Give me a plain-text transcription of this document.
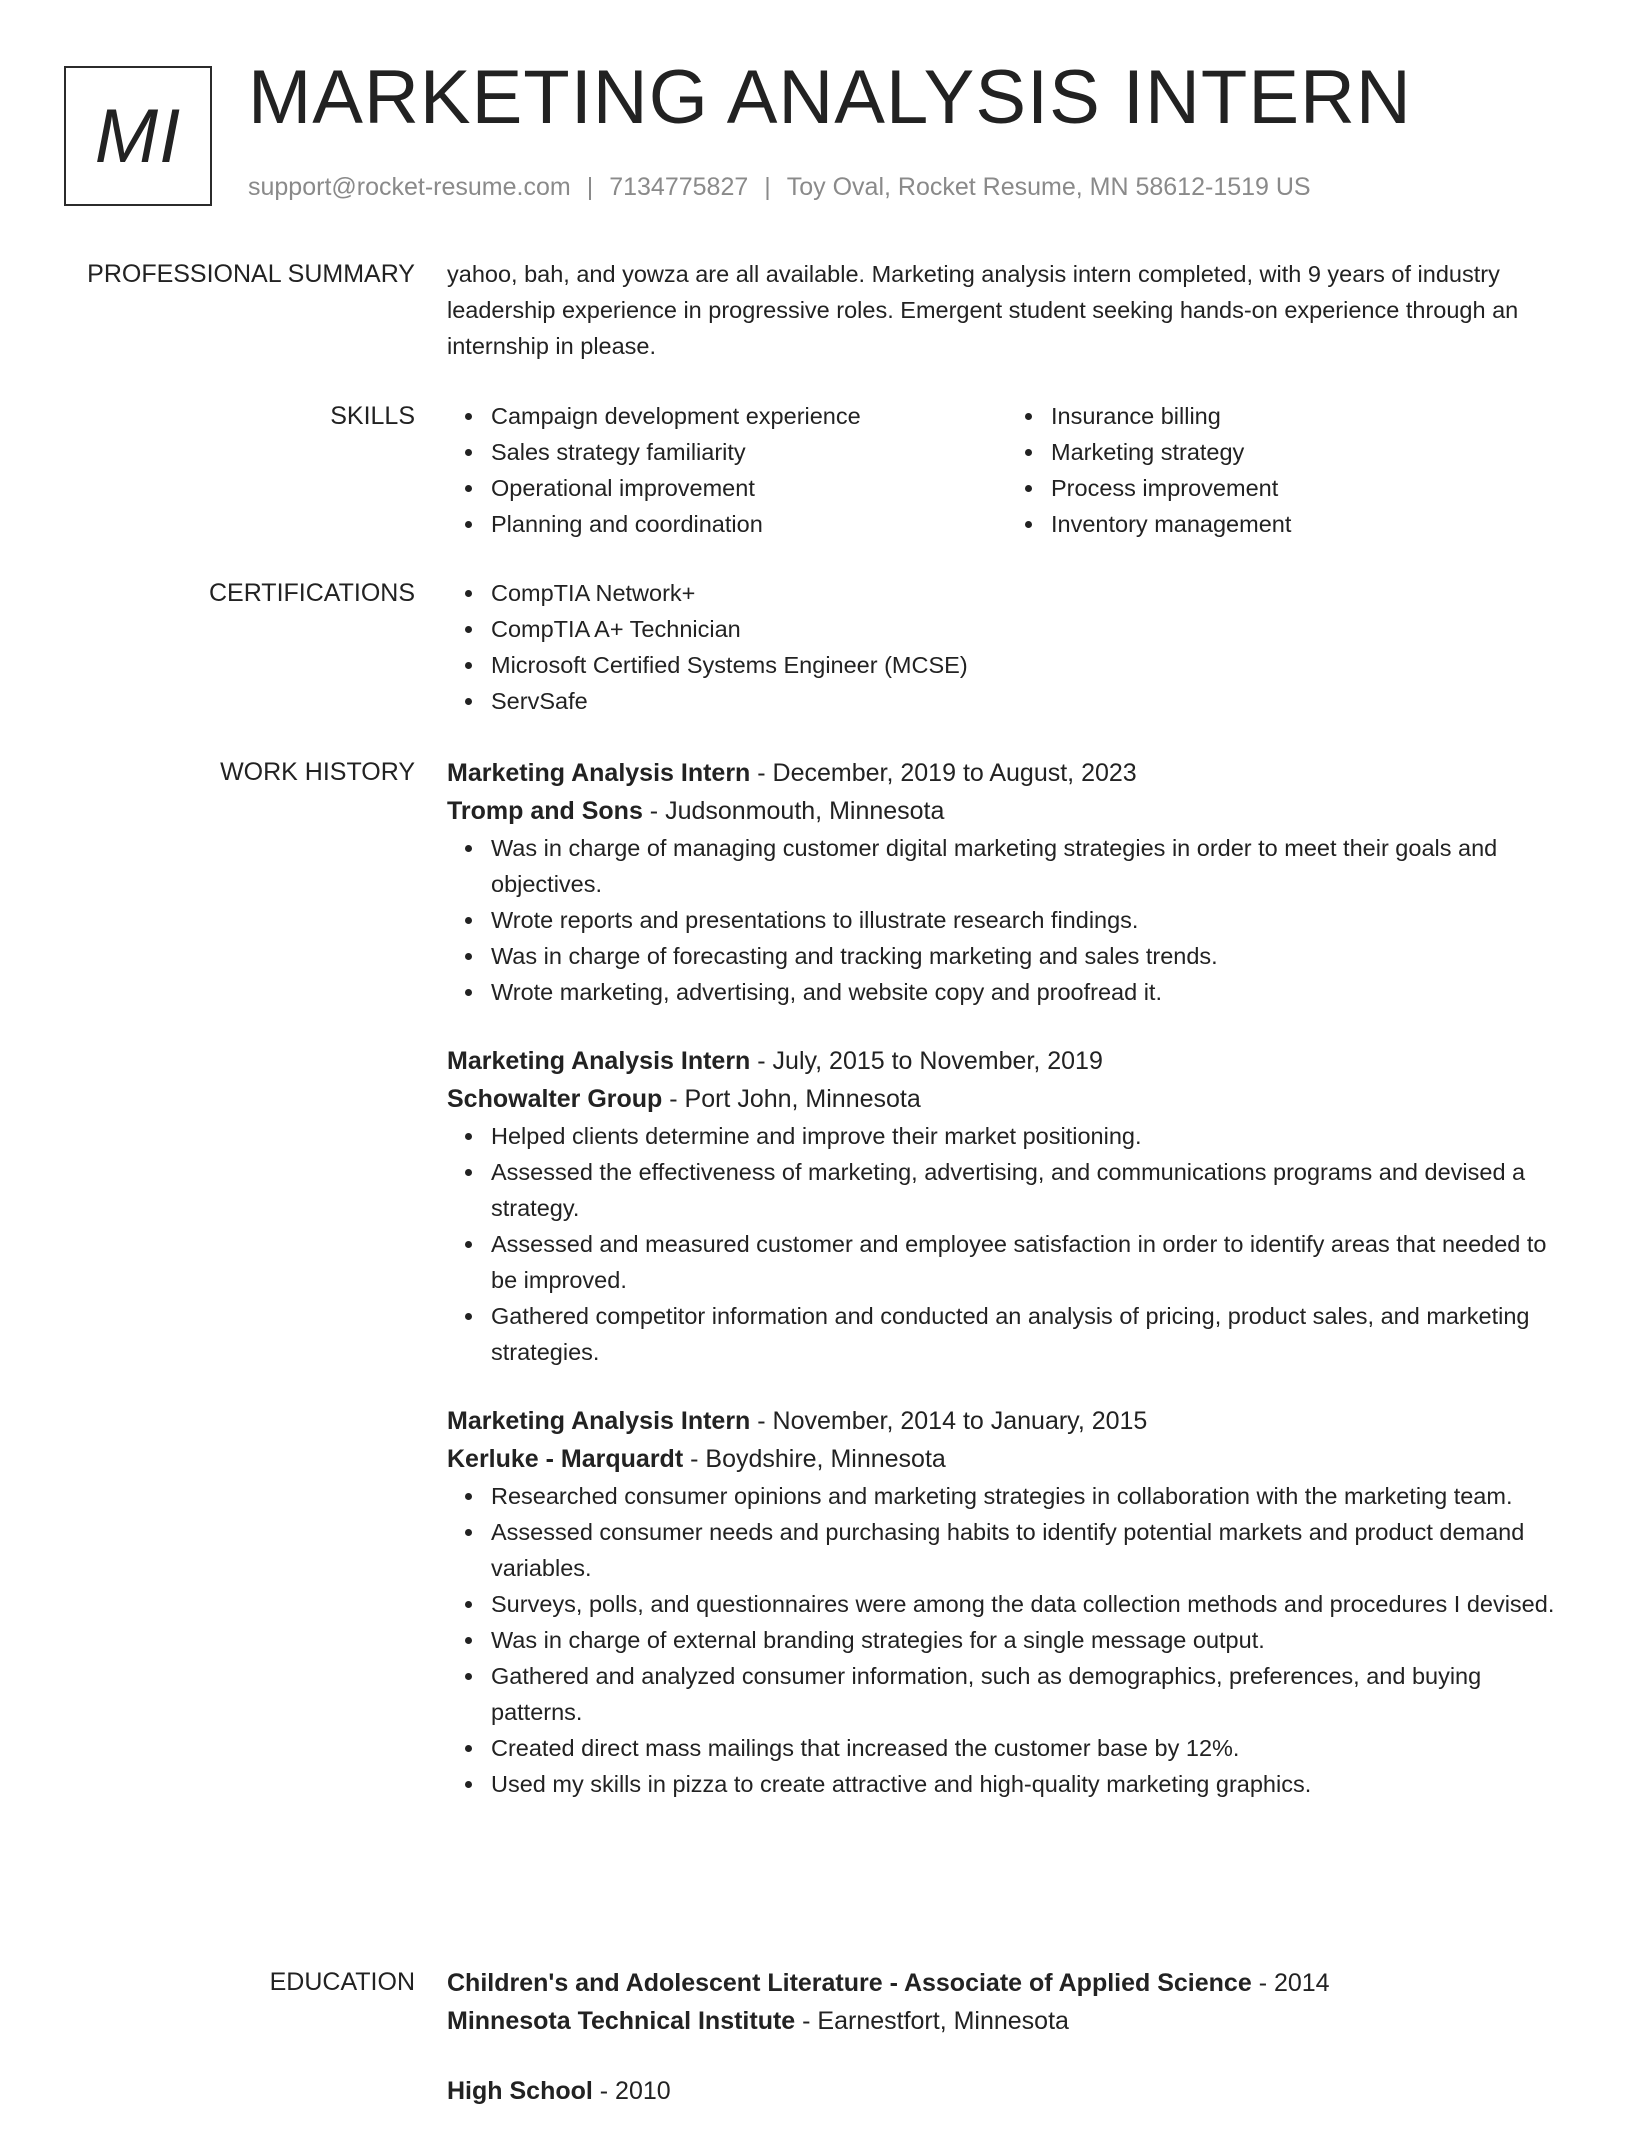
MI MARKETING ANALYSIS INTERN
support@rocket-resume.com | 7134775827 | Toy Oval, Rocket Resume, MN 58612-1519 US
PROFESSIONAL SUMMARY yahoo, bah, and yowza are all available. Marketing analysis intern completed, with 9 years of industry leadership experience in progressive roles. Emergent student seeking hands-on experience through an internship in please.

SKILLS	Campaign development experience
Sales strategy familiarity
Operational improvement
Planning and coordination
Insurance billing
Marketing strategy
Process improvement
Inventory management
CERTIFICATIONS	CompTIA Network+
CompTIA A+ Technician
Microsoft Certified Systems Engineer (MCSE)
ServSafe
WORK HISTORY Marketing Analysis Intern - December, 2019 to August, 2023
Tromp and Sons - Judsonmouth, Minnesota
Was in charge of managing customer digital marketing strategies in order to meet their goals and objectives.
Wrote reports and presentations to illustrate research findings.
Was in charge of forecasting and tracking marketing and sales trends.
Wrote marketing, advertising, and website copy and proofread it.
Marketing Analysis Intern - July, 2015 to November, 2019
Schowalter Group - Port John, Minnesota
Helped clients determine and improve their market positioning.
Assessed the effectiveness of marketing, advertising, and communications programs and devised a strategy.
Assessed and measured customer and employee satisfaction in order to identify areas that needed to be improved.
Gathered competitor information and conducted an analysis of pricing, product sales, and marketing strategies.
Marketing Analysis Intern - November, 2014 to January, 2015
Kerluke - Marquardt - Boydshire, Minnesota
Researched consumer opinions and marketing strategies in collaboration with the marketing team.
Assessed consumer needs and purchasing habits to identify potential markets and product demand variables.
Surveys, polls, and questionnaires were among the data collection methods and procedures I devised.
Was in charge of external branding strategies for a single message output.
Gathered and analyzed consumer information, such as demographics, preferences, and buying patterns.
Created direct mass mailings that increased the customer base by 12%.
Used my skills in pizza to create attractive and high-quality marketing graphics.
EDUCATION Children's and Adolescent Literature - Associate of Applied Science - 2014
Minnesota Technical Institute - Earnestfort, Minnesota
High School - 2010
